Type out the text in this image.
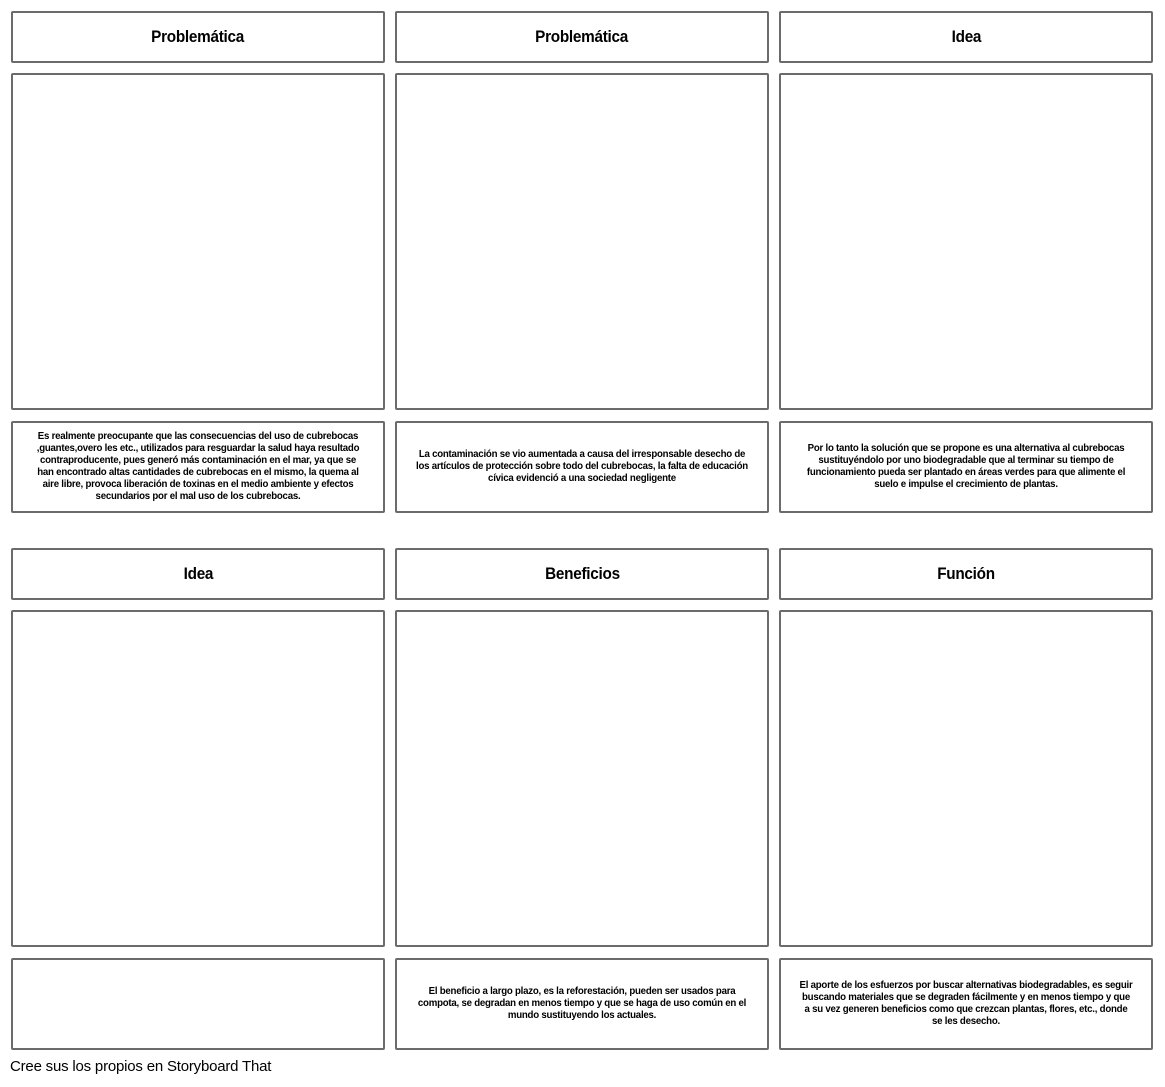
Problemática	Problemática	Idea
Es realmente preocupante que las consecuencias del uso de cubrebocas ,guantes,overo les etc., utilizados para resguardar la salud haya resultado contraproducente, pues generó más contaminación en el mar, ya que se han encontrado altas cantidades de cubrebocas en el mismo, la quema al aire libre, provoca liberación de toxinas en el medio ambiente y efectos secundarios por el mal uso de los cubrebocas.
La contaminación se vio aumentada a causa del irresponsable desecho de los artículos de protección sobre todo del cubrebocas, la falta de educación cívica evidenció a una sociedad negligente
Por lo tanto la solución que se propone es una alternativa al cubrebocas sustituyéndolo por uno biodegradable que al terminar su tiempo de funcionamiento pueda ser plantado en áreas verdes para que alimente el suelo e impulse el crecimiento de plantas.
Idea	Beneficios	Función
El beneficio a largo plazo, es la reforestación, pueden ser usados para compota, se degradan en menos tiempo y que se haga de uso común en el mundo sustituyendo los actuales.
El aporte de los esfuerzos por buscar alternativas biodegradables, es seguir buscando materiales que se degraden fácilmente y en menos tiempo y que a su vez generen beneficios como que crezcan plantas, flores, etc., donde se les desecho.
Cree sus los propios en Storyboard That
